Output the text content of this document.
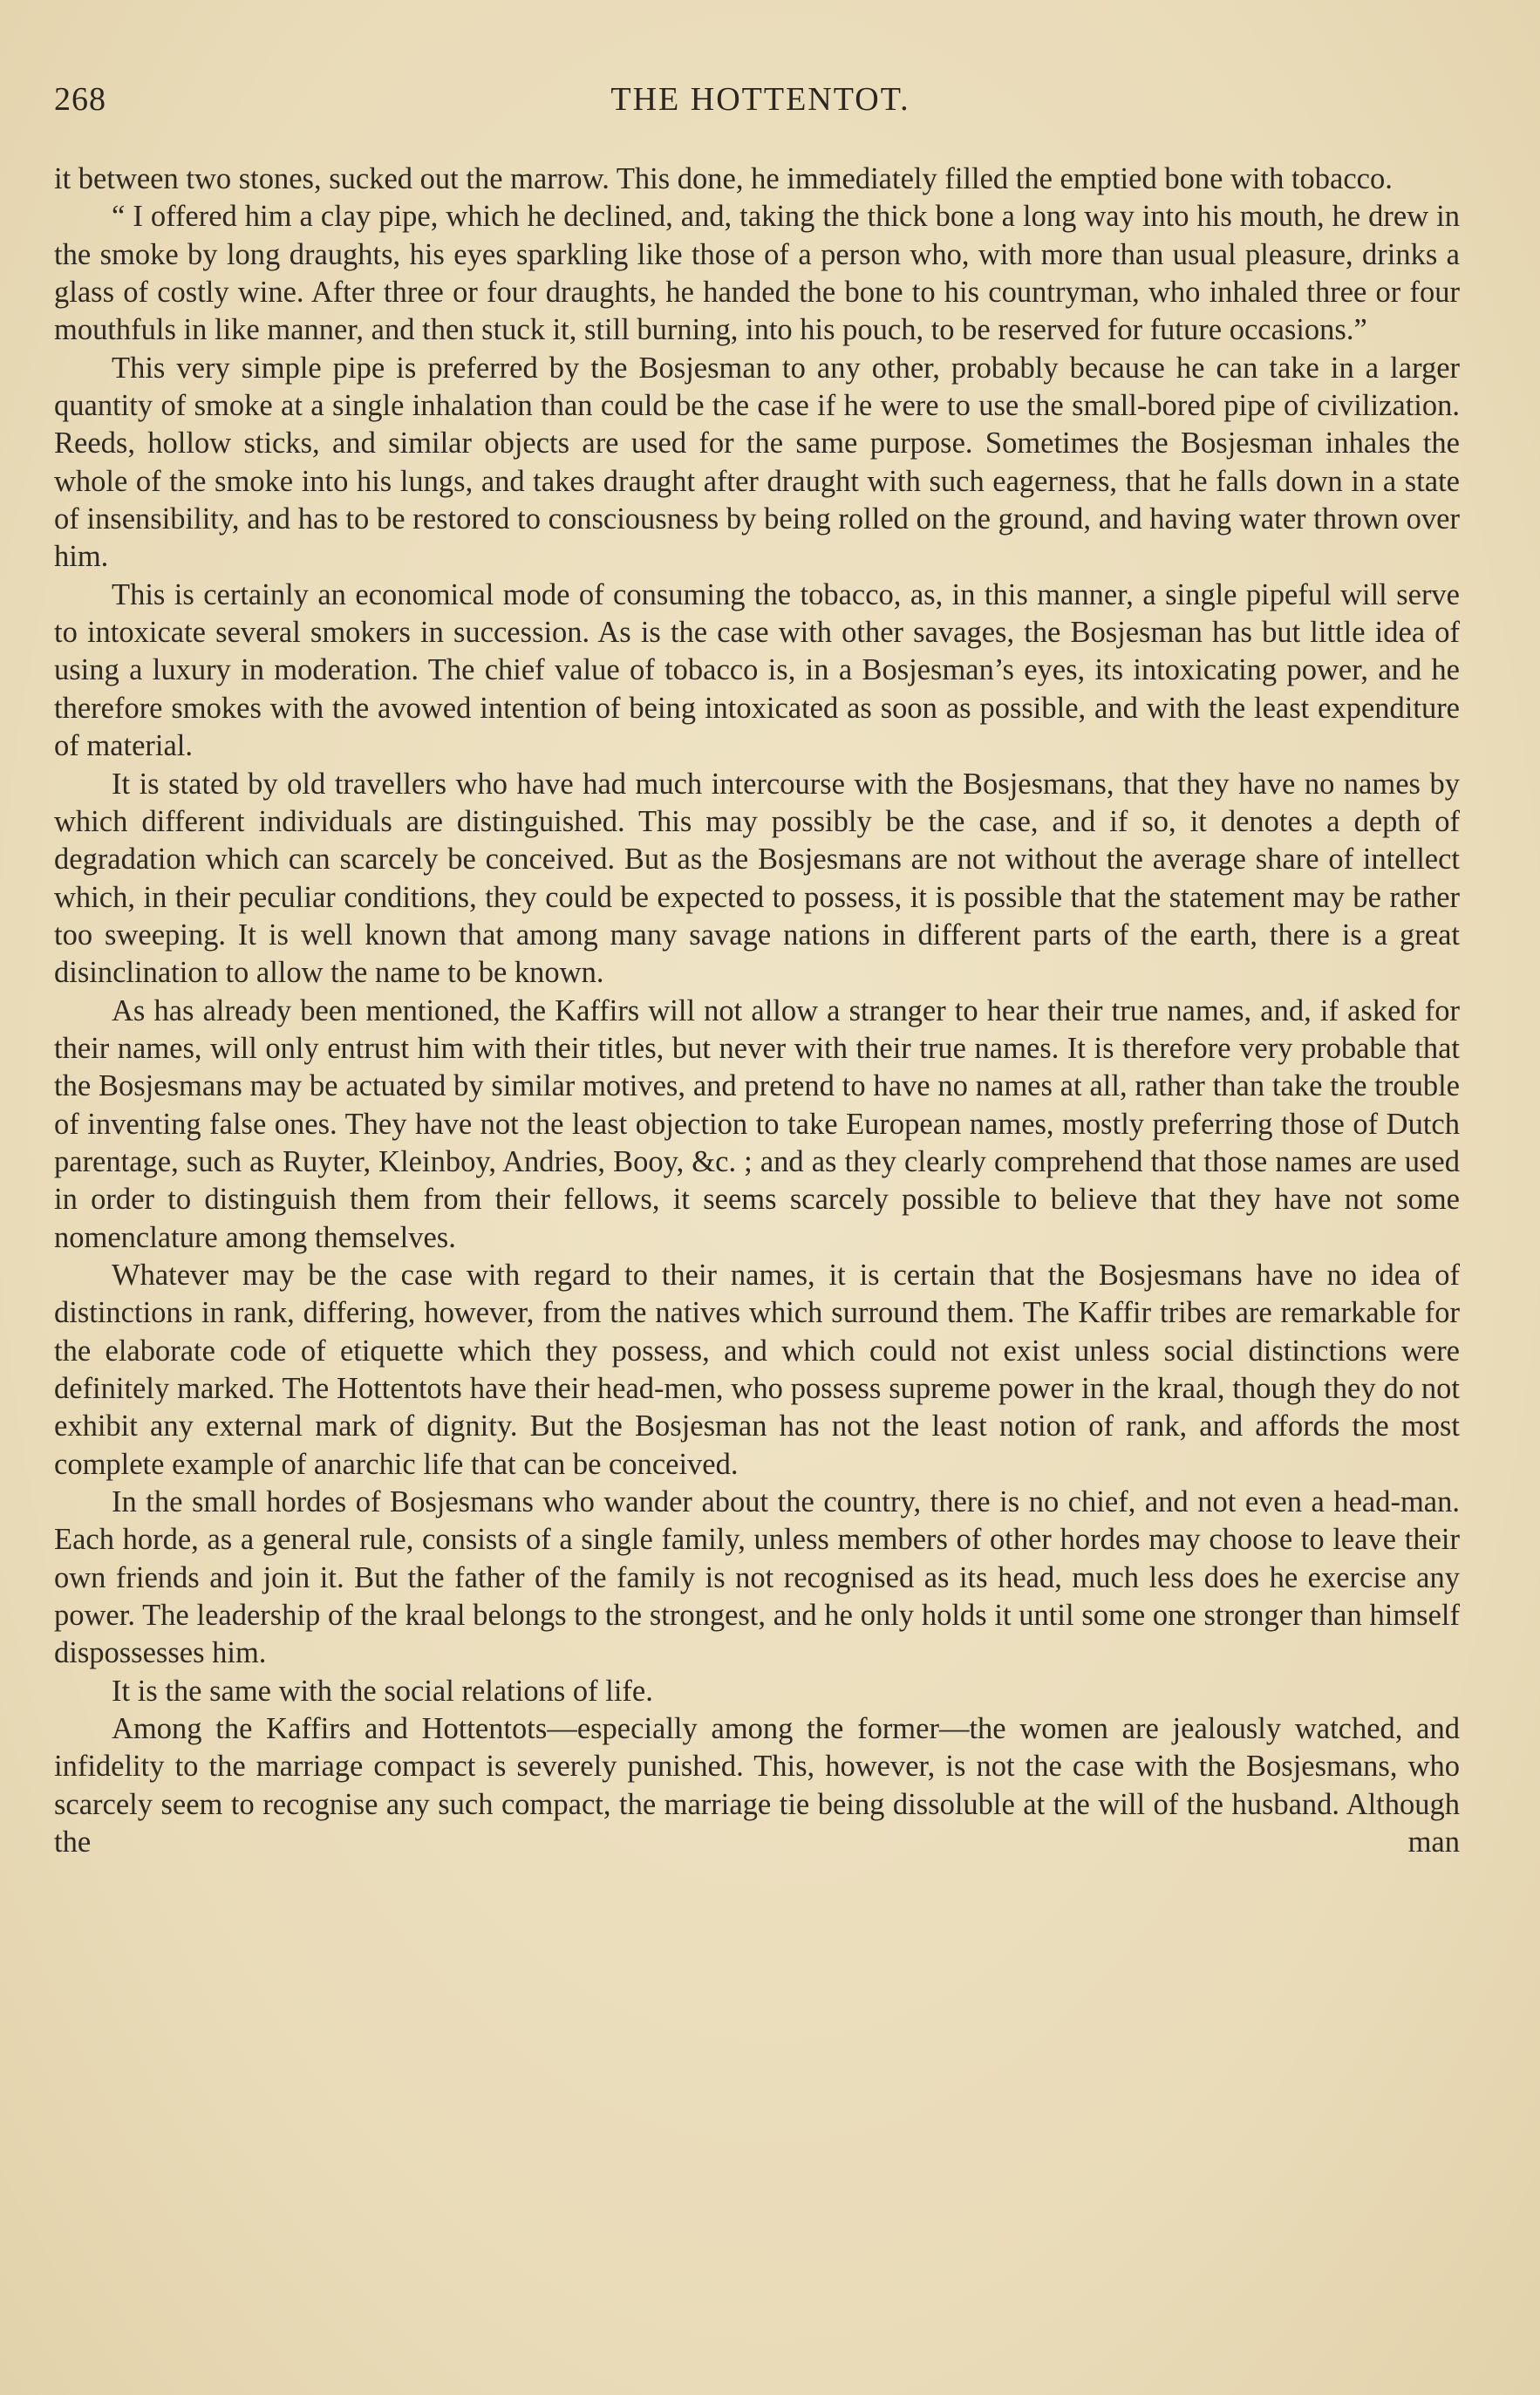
268	THE HOTTENTOT.

it between two stones, sucked out the marrow. This done, he immediately filled the emptied bone with tobacco.

“ I offered him a clay pipe, which he declined, and, taking the thick bone a long way into his mouth, he drew in the smoke by long draughts, his eyes sparkling like those of a person who, with more than usual pleasure, drinks a glass of costly wine. After three or four draughts, he handed the bone to his countryman, who inhaled three or four mouthfuls in like manner, and then stuck it, still burning, into his pouch, to be reserved for future occasions.”

This very simple pipe is preferred by the Bosjesman to any other, probably because he can take in a larger quantity of smoke at a single inhalation than could be the case if he were to use the small-bored pipe of civilization. Reeds, hollow sticks, and similar objects are used for the same purpose. Sometimes the Bosjesman inhales the whole of the smoke into his lungs, and takes draught after draught with such eagerness, that he falls down in a state of insensibility, and has to be restored to consciousness by being rolled on the ground, and having water thrown over him.

This is certainly an economical mode of consuming the tobacco, as, in this manner, a single pipeful will serve to intoxicate several smokers in succession. As is the case with other savages, the Bosjesman has but little idea of using a luxury in moderation. The chief value of tobacco is, in a Bosjesman’s eyes, its intoxicating power, and he therefore smokes with the avowed intention of being intoxicated as soon as possible, and with the least expenditure of material.

It is stated by old travellers who have had much intercourse with the Bosjesmans, that they have no names by which different individuals are distinguished. This may possibly be the case, and if so, it denotes a depth of degradation which can scarcely be conceived. But as the Bosjesmans are not without the average share of intellect which, in their peculiar conditions, they could be expected to possess, it is possible that the statement may be rather too sweeping. It is well known that among many savage nations in different parts of the earth, there is a great disinclination to allow the name to be known.

As has already been mentioned, the Kaffirs will not allow a stranger to hear their true names, and, if asked for their names, will only entrust him with their titles, but never with their true names. It is therefore very probable that the Bosjesmans may be actuated by similar motives, and pretend to have no names at all, rather than take the trouble of inventing false ones. They have not the least objection to take European names, mostly preferring those of Dutch parentage, such as Ruyter, Kleinboy, Andries, Booy, &c. ; and as they clearly comprehend that those names are used in order to distinguish them from their fellows, it seems scarcely possible to believe that they have not some nomenclature among themselves.

Whatever may be the case with regard to their names, it is certain that the Bosjesmans have no idea of distinctions in rank, differing, however, from the natives which surround them. The Kaffir tribes are remarkable for the elaborate code of etiquette which they possess, and which could not exist unless social distinctions were definitely marked. The Hottentots have their head-men, who possess supreme power in the kraal, though they do not exhibit any external mark of dignity. But the Bosjesman has not the least notion of rank, and affords the most complete example of anarchic life that can be conceived.

In the small hordes of Bosjesmans who wander about the country, there is no chief, and not even a head-man. Each horde, as a general rule, consists of a single family, unless members of other hordes may choose to leave their own friends and join it. But the father of the family is not recognised as its head, much less does he exercise any power. The leadership of the kraal belongs to the strongest, and he only holds it until some one stronger than himself dispossesses him.

It is the same with the social relations of life.

Among the Kaffirs and Hottentots—especially among the former—the women are jealously watched, and infidelity to the marriage compact is severely punished. This, however, is not the case with the Bosjesmans, who scarcely seem to recognise any such compact, the marriage tie being dissoluble at the will of the husband. Although the man
